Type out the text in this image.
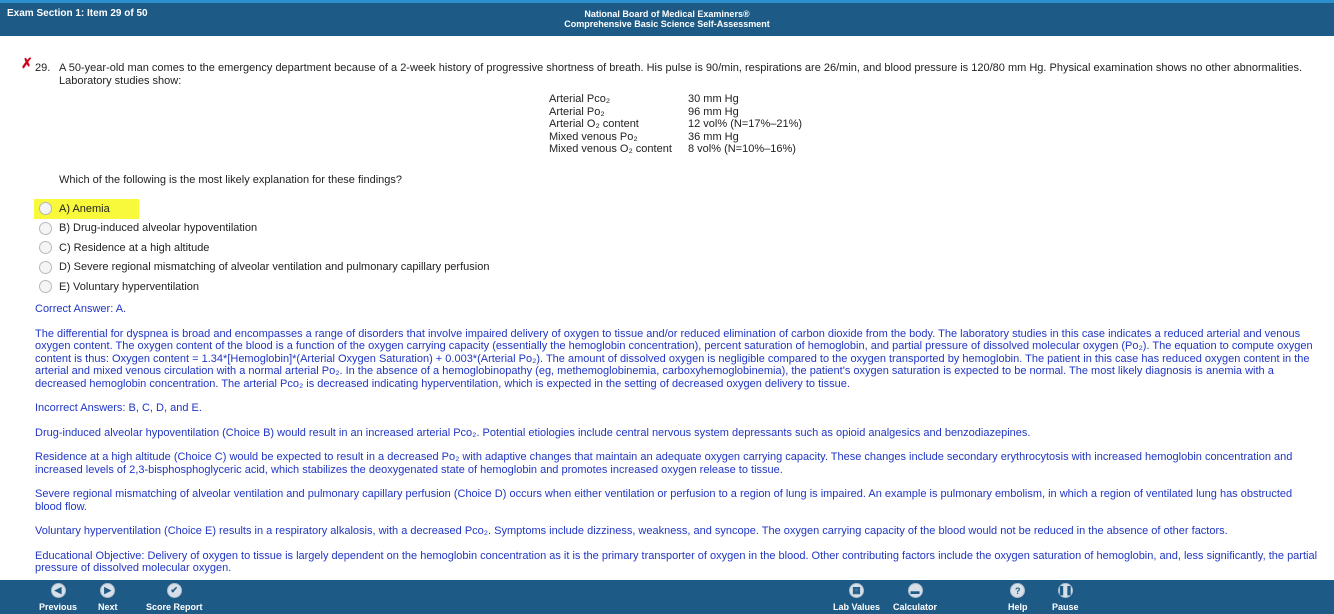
Exam Section 1: Item 29 of 50	National Board of Medical Examiners®
Comprehensive Basic Science Self-Assessment
✗ 29. A 50-year-old man comes to the emergency department because of a 2-week history of progressive shortness of breath. His pulse is 90/min, respirations are 26/min, and blood pressure is 120/80 mm Hg. Physical examination shows no other abnormalities. Laboratory studies show:
Arterial Pco₂	30 mm Hg
Arterial Po₂	96 mm Hg
Arterial O₂ content	12 vol% (N=17%–21%)
Mixed venous Po₂	36 mm Hg
Mixed venous O₂ content	8 vol% (N=10%–16%)
Which of the following is the most likely explanation for these findings?
A) Anemia
B) Drug-induced alveolar hypoventilation
C) Residence at a high altitude
D) Severe regional mismatching of alveolar ventilation and pulmonary capillary perfusion
E) Voluntary hyperventilation

Correct Answer: A.

The differential for dyspnea is broad and encompasses a range of disorders that involve impaired delivery of oxygen to tissue and/or reduced elimination of carbon dioxide from the body. The laboratory studies in this case indicates a reduced arterial and venous oxygen content. The oxygen content of the blood is a function of the oxygen carrying capacity (essentially the hemoglobin concentration), percent saturation of hemoglobin, and partial pressure of dissolved molecular oxygen (Po₂). The equation to compute oxygen content is thus: Oxygen content = 1.34*[Hemoglobin]*(Arterial Oxygen Saturation) + 0.003*(Arterial Po₂). The amount of dissolved oxygen is negligible compared to the oxygen transported by hemoglobin. The patient in this case has reduced oxygen content in the arterial and mixed venous circulation with a normal arterial Po₂. In the absence of a hemoglobinopathy (eg, methemoglobinemia, carboxyhemoglobinemia), the patient's oxygen saturation is expected to be normal. The most likely diagnosis is anemia with a decreased hemoglobin concentration. The arterial Pco₂ is decreased indicating hyperventilation, which is expected in the setting of decreased oxygen delivery to tissue.

Incorrect Answers: B, C, D, and E.

Drug-induced alveolar hypoventilation (Choice B) would result in an increased arterial Pco₂. Potential etiologies include central nervous system depressants such as opioid analgesics and benzodiazepines.

Residence at a high altitude (Choice C) would be expected to result in a decreased Po₂ with adaptive changes that maintain an adequate oxygen carrying capacity. These changes include secondary erythrocytosis with increased hemoglobin concentration and increased levels of 2,3-bisphosphoglyceric acid, which stabilizes the deoxygenated state of hemoglobin and promotes increased oxygen release to tissue.

Severe regional mismatching of alveolar ventilation and pulmonary capillary perfusion (Choice D) occurs when either ventilation or perfusion to a region of lung is impaired. An example is pulmonary embolism, in which a region of ventilated lung has obstructed blood flow.

Voluntary hyperventilation (Choice E) results in a respiratory alkalosis, with a decreased Pco₂. Symptoms include dizziness, weakness, and syncope. The oxygen carrying capacity of the blood would not be reduced in the absence of other factors.

Educational Objective: Delivery of oxygen to tissue is largely dependent on the hemoglobin concentration as it is the primary transporter of oxygen in the blood. Other contributing factors include the oxygen saturation of hemoglobin, and, less significantly, the partial pressure of dissolved molecular oxygen.

◀
Previous
▶
Next
✔
Score Report
▦
Lab Values
▬
Calculator
?
Help
❚❚
Pause
